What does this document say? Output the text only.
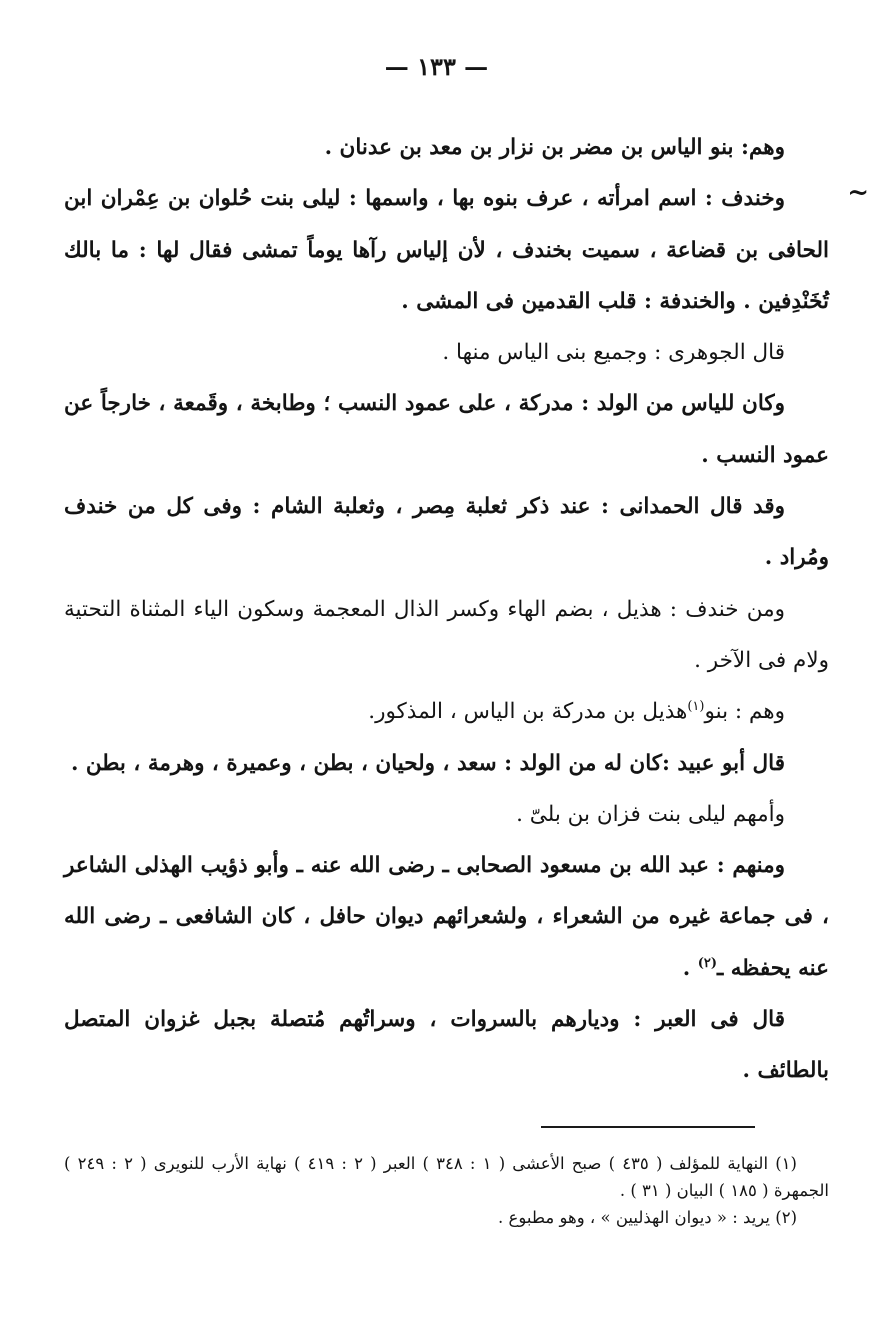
— ١٣٣ —
~

وهم: بنو الياس بن مضر بن نزار بن معد بن عدنان .

وخندف : اسم امرأته ، عرف بنوه بها ، واسمها : ليلى بنت حُلوان بن عِمْران ابن الحافى بن قضاعة ، سميت بخندف ، لأن إلياس رآها يوماً تمشى فقال لها : ما بالك تُخَنْدِفين . والخندفة : قلب القدمين فى المشى .

قال الجوهرى : وجميع بنى الياس منها .

وكان للياس من الولد : مدركة ، على عمود النسب ؛ وطابخة ، وقَمعة ، خارجاً عن عمود النسب .

وقد قال الحمدانى : عند ذكر ثعلبة مِصر ، وثعلبة الشام : وفى كل من خندف ومُراد .

ومن خندف : هذيل ، بضم الهاء وكسر الذال المعجمة وسكون الياء المثناة التحتية ولام فى الآخر .

وهم : بنو$^{(١)}$هذيل بن مدركة بن الياس ، المذكور.

قال أبو عبيد :كان له من الولد : سعد ، ولحيان ، بطن ، وعميرة ، وهرمة ، بطن .

وأمهم ليلى بنت فزان بن بلىّ .

ومنهم : عبد الله بن مسعود الصحابى ـ رضى الله عنه ـ وأبو ذؤيب الهذلى الشاعر ، فى جماعة غيره من الشعراء ، ولشعرائهم ديوان حافل ، كان الشافعى ـ رضى الله عنه يحفظه ـ$^{(٢)}$ .

قال فى العبر : وديارهم بالسروات ، وسراتُهم مُتصلة بجبل غزوان المتصل بالطائف .

(١) النهاية للمؤلف ( ٤٣٥ ) صبح الأعشى ( ١ : ٣٤٨ ) العبر ( ٢ : ٤١٩ ) نهاية الأرب للنويرى ( ٢ : ٢٤٩ ) الجمهرة ( ١٨٥ ) البيان ( ٣١ ) .

(٢) يريد : « ديوان الهذليين » ، وهو مطبوع .
